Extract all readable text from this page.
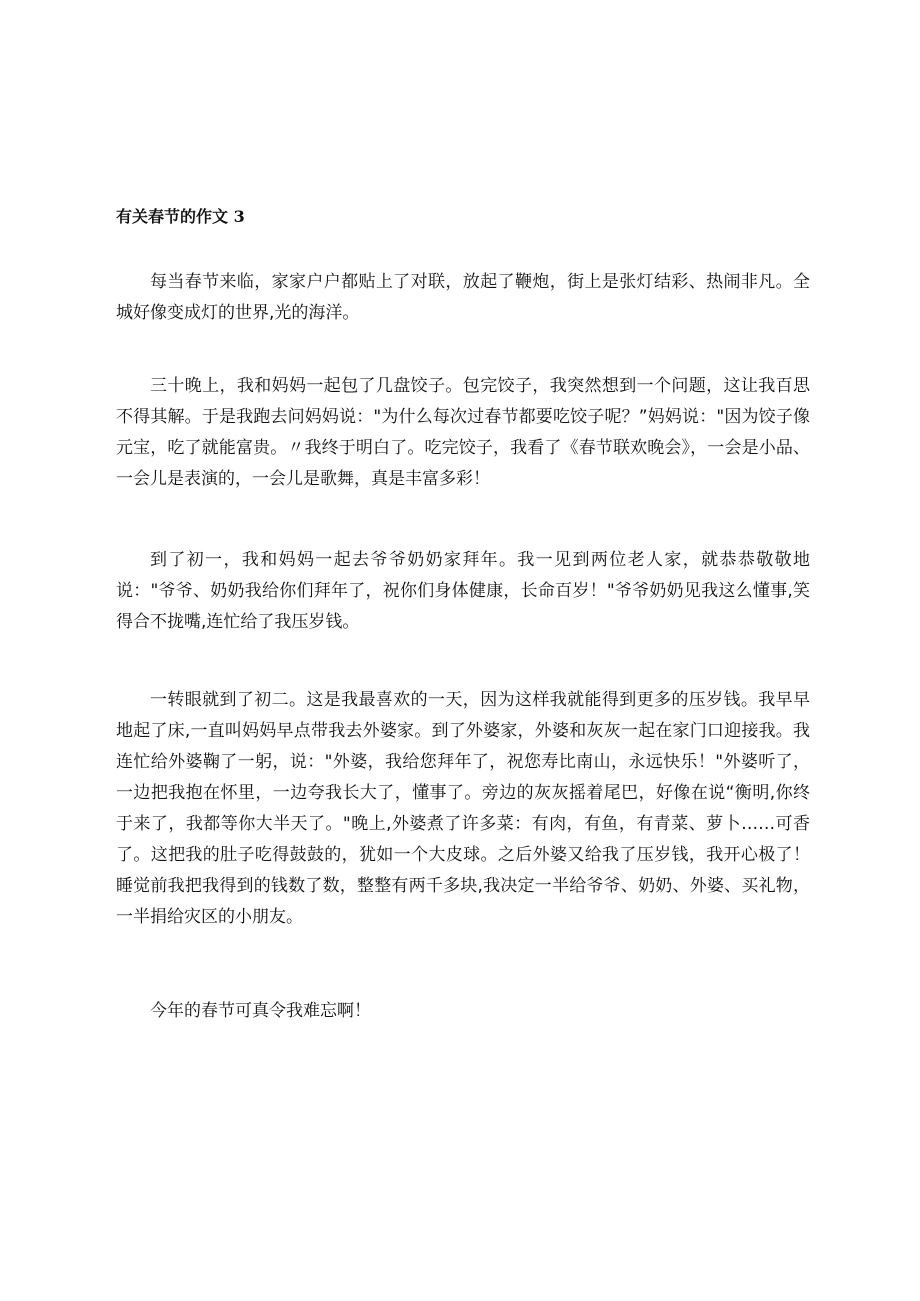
有关春节的作文 3

每当春节来临，家家户户都贴上了对联，放起了鞭炮，街上是张灯结彩、热闹非凡。全城好像变成灯的世界,光的海洋。

三十晚上，我和妈妈一起包了几盘饺子。包完饺子，我突然想到一个问题，这让我百思不得其解。于是我跑去问妈妈说："为什么每次过春节都要吃饺子呢？”妈妈说："因为饺子像元宝，吃了就能富贵。〃我终于明白了。吃完饺子，我看了《春节联欢晚会》，一会是小品、一会儿是表演的，一会儿是歌舞，真是丰富多彩！

到了初一，我和妈妈一起去爷爷奶奶家拜年。我一见到两位老人家，就恭恭敬敬地说："爷爷、奶奶我给你们拜年了，祝你们身体健康，长命百岁！"爷爷奶奶见我这么懂事,笑得合不拢嘴,连忙给了我压岁钱。

一转眼就到了初二。这是我最喜欢的一天，因为这样我就能得到更多的压岁钱。我早早地起了床,一直叫妈妈早点带我去外婆家。到了外婆家，外婆和灰灰一起在家门口迎接我。我连忙给外婆鞠了一躬，说："外婆，我给您拜年了，祝您寿比南山，永远快乐！"外婆听了，一边把我抱在怀里，一边夸我长大了，懂事了。旁边的灰灰摇着尾巴，好像在说“衡明,你终于来了，我都等你大半天了。"晚上,外婆煮了许多菜：有肉，有鱼，有青菜、萝卜……可香了。这把我的肚子吃得鼓鼓的，犹如一个大皮球。之后外婆又给我了压岁钱，我开心极了！睡觉前我把我得到的钱数了数，整整有两千多块,我决定一半给爷爷、奶奶、外婆、买礼物，一半捐给灾区的小朋友。

今年的春节可真令我难忘啊！
